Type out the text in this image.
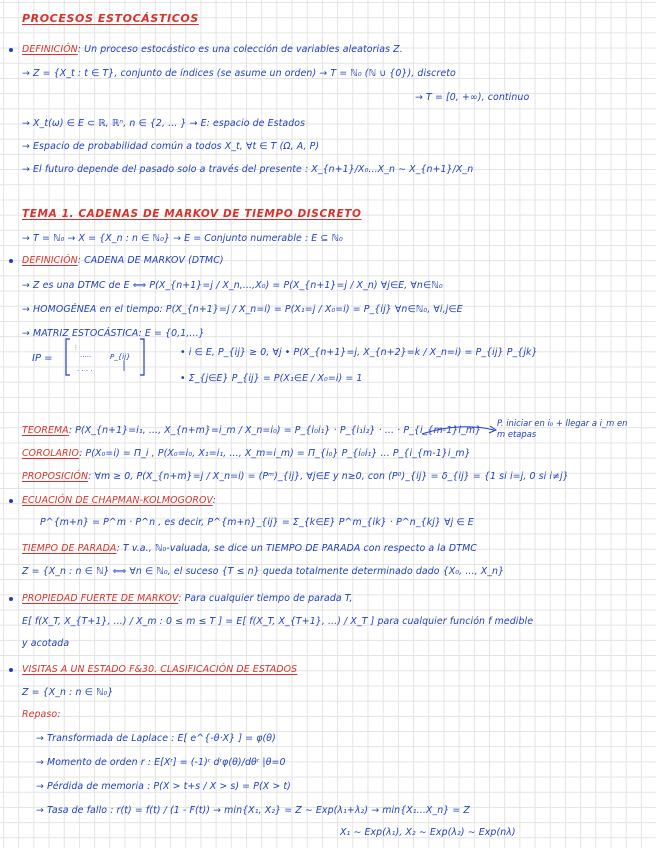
PROCESOS ESTOCÁSTICOS
DEFINICIÓN: Un proceso estocástico es una colección de variables aleatorias Z.
→ Z = {X_t : t ∈ T}, conjunto de índices (se asume un orden) → T = ℕ₀ (ℕ ∪ {0}), discreto
→ T = [0, +∞), continuo
→ X_t(ω) ∈ E ⊂ ℝ, ℝⁿ, n ∈ {2, ... } → E: espacio de Estados
→ Espacio de probabilidad común a todos X_t, ∀t ∈ T (Ω, A, P)
→ El futuro depende del pasado solo a través del presente : X_{n+1}/X₀...X_n ∼ X_{n+1}/X_n
TEMA 1. CADENAS DE MARKOV DE TIEMPO DISCRETO
→ T = ℕ₀ → X = {X_n : n ∈ ℕ₀} → E = Conjunto numerable : E ⊆ ℕ₀
DEFINICIÓN: CADENA DE MARKOV (DTMC)
→ Z es una DTMC de E ⟺ P(X_{n+1}=j / X_n,...,X₀) = P(X_{n+1}=j / X_n) ∀j∈E, ∀n∈ℕ₀
→ HOMOGÉNEA en el tiempo: P(X_{n+1}=j / X_n=i) = P(X₁=j / X₀=i) = P_{ij} ∀n∈ℕ₀, ∀i,j∈E
→ MATRIZ ESTOCÁSTICA: E = {0,1,...}
IP =
⋮
·····	P_{ij}
· · · ·
• i ∈ E, P_{ij} ≥ 0, ∀j • P(X_{n+1}=j, X_{n+2}=k / X_n=i) = P_{ij} P_{jk}
• Σ_{j∈E} P_{ij} = P(X₁∈E / X₀=i) = 1
TEOREMA: P(X_{n+1}=i₁, ..., X_{n+m}=i_m / X_n=i₀) = P_{i₀i₁} · P_{i₁i₂} · ... · P_{i_{m-1}i_m}
COROLARIO: P(X₀=i) = Π_i , P(X₀=i₀, X₁=i₁, ..., X_m=i_m) = Π_{i₀} P_{i₀i₁} ... P_{i_{m-1}i_m}
P. iniciar en i₀ + llegar a i_m en m etapas
PROPOSICIÓN: ∀m ≥ 0, P(X_{n+m}=j / X_n=i) = (Pᵐ)_{ij}, ∀j∈E y n≥0, con (P⁰)_{ij} = δ_{ij} = {1 si i=j, 0 si i≠j}
ECUACIÓN DE CHAPMAN-KOLMOGOROV:
P^{m+n} = P^m · P^n , es decir, P^{m+n}_{ij} = Σ_{k∈E} P^m_{ik} · P^n_{kj} ∀j ∈ E
TIEMPO DE PARADA: T v.a., ℕ₀-valuada, se dice un TIEMPO DE PARADA con respecto a la DTMC
Z = {X_n : n ∈ ℕ} ⟺ ∀n ∈ ℕ₀, el suceso {T ≤ n} queda totalmente determinado dado {X₀, ..., X_n}
PROPIEDAD FUERTE DE MARKOV: Para cualquier tiempo de parada T,
E[ f(X_T, X_{T+1}, ...) / X_m : 0 ≤ m ≤ T ] = E[ f(X_T, X_{T+1}, ...) / X_T ] para cualquier función f medible
y acotada
VISITAS A UN ESTADO F&30. CLASIFICACIÓN DE ESTADOS
Z = {X_n : n ∈ ℕ₀}
Repaso:
→ Transformada de Laplace : E[ e^{-θ·X} ] = φ(θ)
→ Momento de orden r : E[Xʳ] = (-1)ʳ dʳφ(θ)/dθʳ |θ=0
→ Pérdida de memoria : P(X > t+s / X > s) = P(X > t)
→ Tasa de fallo : r(t) = f(t) / (1 - F(t)) → min{X₁, X₂} = Z ∼ Exp(λ₁+λ₂) → min{X₁...X_n} = Z
X₁ ∼ Exp(λ₁), X₂ ∼ Exp(λ₂) ∼ Exp(nλ)
